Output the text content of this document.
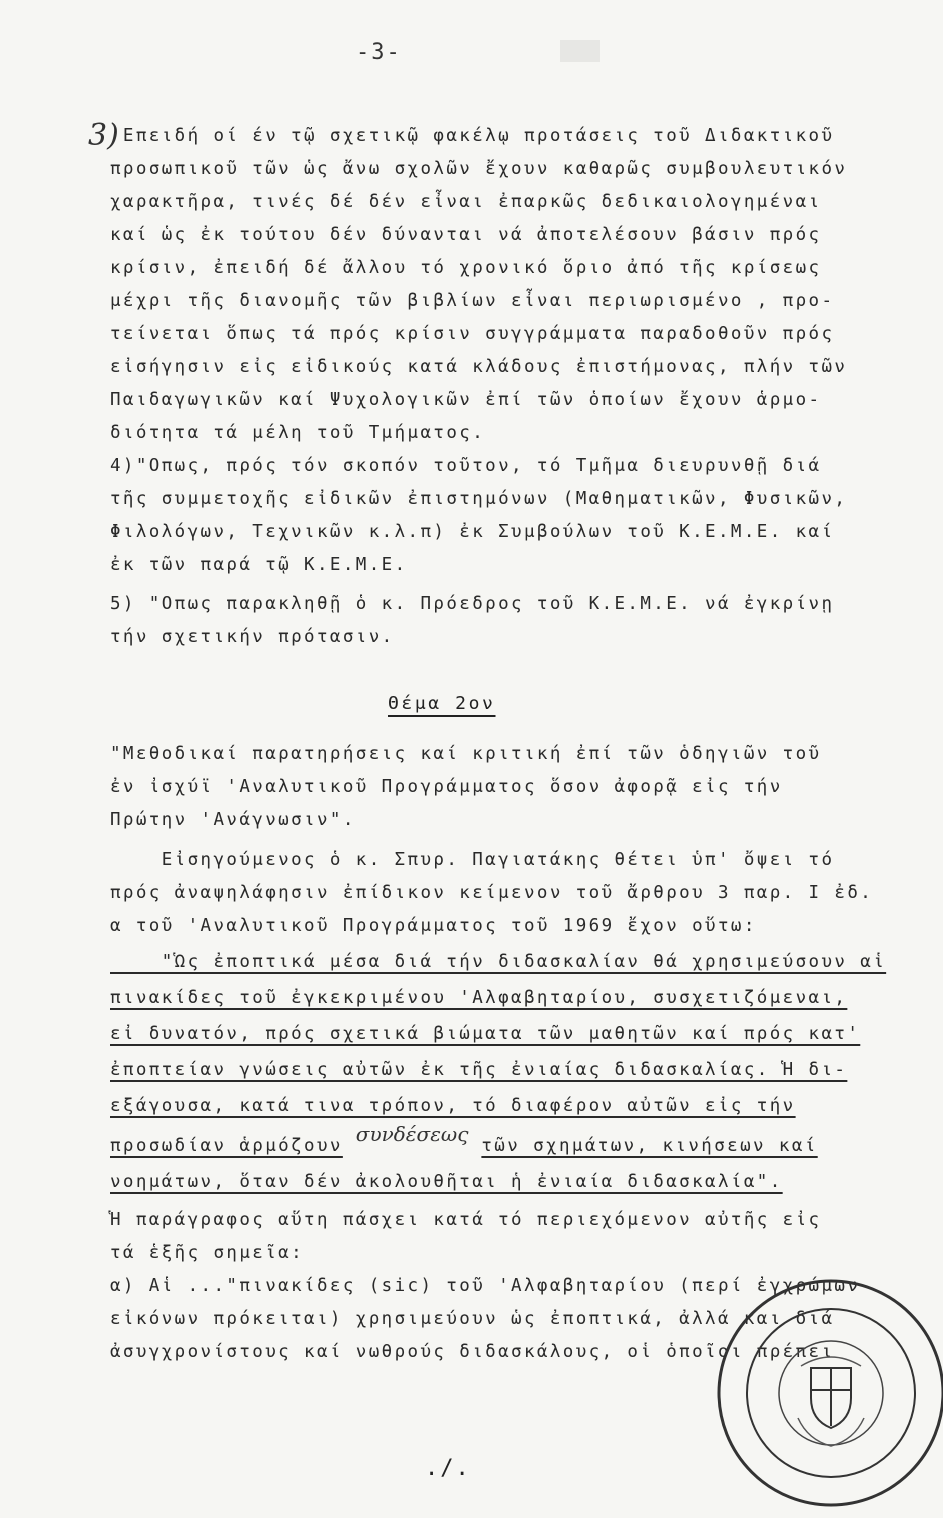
-3-
3)
'Επειδή οί έν τῷ σχετικῷ φακέλῳ προτάσεις τοῦ Διδακτικοῦ
προσωπικοῦ τῶν ὡς ἄνω σχολῶν ἔχουν καθαρῶς συμβουλευτικόν
χαρακτῆρα, τινές δέ δέν εἶναι ἐπαρκῶς δεδικαιολογημέναι
καί ὡς ἐκ τούτου δέν δύνανται νά ἀποτελέσουν βάσιν πρός
κρίσιν, ἐπειδή δέ ἄλλου τό χρονικό ὅριο ἀπό τῆς κρίσεως
μέχρι τῆς διανομῆς τῶν βιβλίων εἶναι περιωρισμένο , προ-
τείνεται ὅπως τά πρός κρίσιν συγγράμματα παραδοθοῦν πρός
εἰσήγησιν εἰς εἰδικούς κατά κλάδους ἐπιστήμονας, πλήν τῶν
Παιδαγωγικῶν καί Ψυχολογικῶν ἐπί τῶν ὁποίων ἔχουν ἁρμο-
διότητα τά μέλη τοῦ Τμήματος.
4)"Οπως, πρός τόν σκοπόν τοῦτον, τό Τμῆμα διευρυνθῇ διά
τῆς συμμετοχῆς εἰδικῶν ἐπιστημόνων (Μαθηματικῶν, Φυσικῶν,
Φιλολόγων, Τεχνικῶν κ.λ.π) ἐκ Συμβούλων τοῦ Κ.Ε.Μ.Ε. καί
ἐκ τῶν παρά τῷ Κ.Ε.Μ.Ε.
5) "Οπως παρακληθῇ ὁ κ. Πρόεδρος τοῦ Κ.Ε.Μ.Ε. νά ἐγκρίνῃ
τήν σχετικήν πρότασιν.
Θέμα 2ον
"Μεθοδικαί παρατηρήσεις καί κριτική ἐπί τῶν ὁδηγιῶν τοῦ
ἐν ἰσχύϊ 'Αναλυτικοῦ Προγράμματος ὅσον ἀφορᾷ εἰς τήν
Πρώτην 'Ανάγνωσιν".
Εἰσηγούμενος ὁ κ. Σπυρ. Παγιατάκης θέτει ὑπ' ὄψει τό
πρός ἀναψηλάφησιν ἐπίδικον κείμενον τοῦ ἄρθρου 3 παρ. Ι ἐδ.
α τοῦ 'Αναλυτικοῦ Προγράμματος τοῦ 1969 ἔχον οὕτω:
"Ὡς ἐποπτικά μέσα διά τήν διδασκαλίαν θά χρησιμεύσουν αἱ
πινακίδες τοῦ ἐγκεκριμένου 'Αλφαβηταρίου, συσχετιζόμεναι,
εἰ δυνατόν, πρός σχετικά βιώματα τῶν μαθητῶν καί πρός κατ'
ἐποπτείαν γνώσεις αὐτῶν ἐκ τῆς ἐνιαίας διδασκαλίας. Ἡ δι-
εξάγουσα, κατά τινα τρόπον, τό διαφέρον αὐτῶν εἰς τήν
προσωδίαν ἁρμόζουν συνδέσεως τῶν σχημάτων, κινήσεων καί
νοημάτων, ὅταν δέν ἀκολουθῆται ἡ ἐνιαία διδασκαλία".
Ἡ παράγραφος αὕτη πάσχει κατά τό περιεχόμενον αὐτῆς εἰς
τά ἑξῆς σημεῖα:
α) Αἱ ..."πινακίδες (sic) τοῦ 'Αλφαβηταρίου (περί ἐγχρώμων
εἰκόνων πρόκειται) χρησιμεύουν ὡς ἐποπτικά, ἀλλά και διά
ἀσυγχρονίστους καί νωθρούς διδασκάλους, οἱ ὁποῖοι πρέπει
./.
